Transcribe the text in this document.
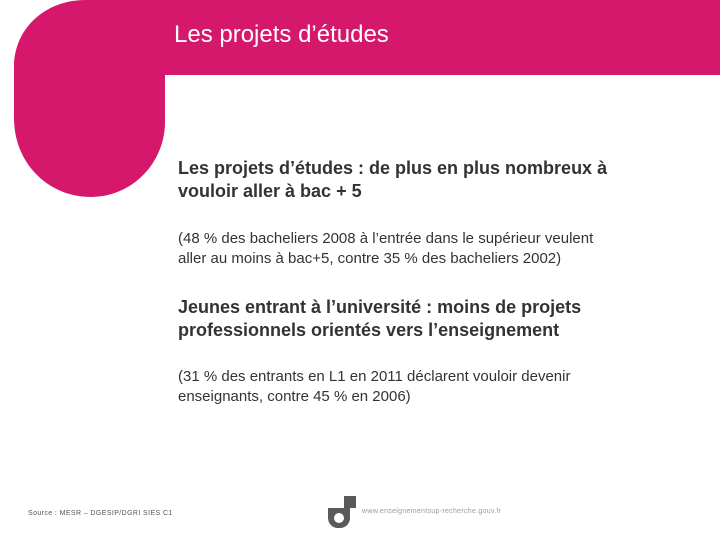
Les projets d’études

Les projets d’études : de plus en plus nombreux à
vouloir aller à bac + 5

(48 % des bacheliers 2008 à l’entrée dans le supérieur veulent
aller au moins à bac+5, contre 35 % des bacheliers 2002)

Jeunes entrant à l’université : moins de projets
professionnels orientés vers l’enseignement

(31 % des entrants en L1 en 2011 déclarent vouloir devenir
enseignants, contre 45 % en 2006)

Source : MESR – DGESIP/DGRI SIES C1	www.enseignementsup-recherche.gouv.fr
